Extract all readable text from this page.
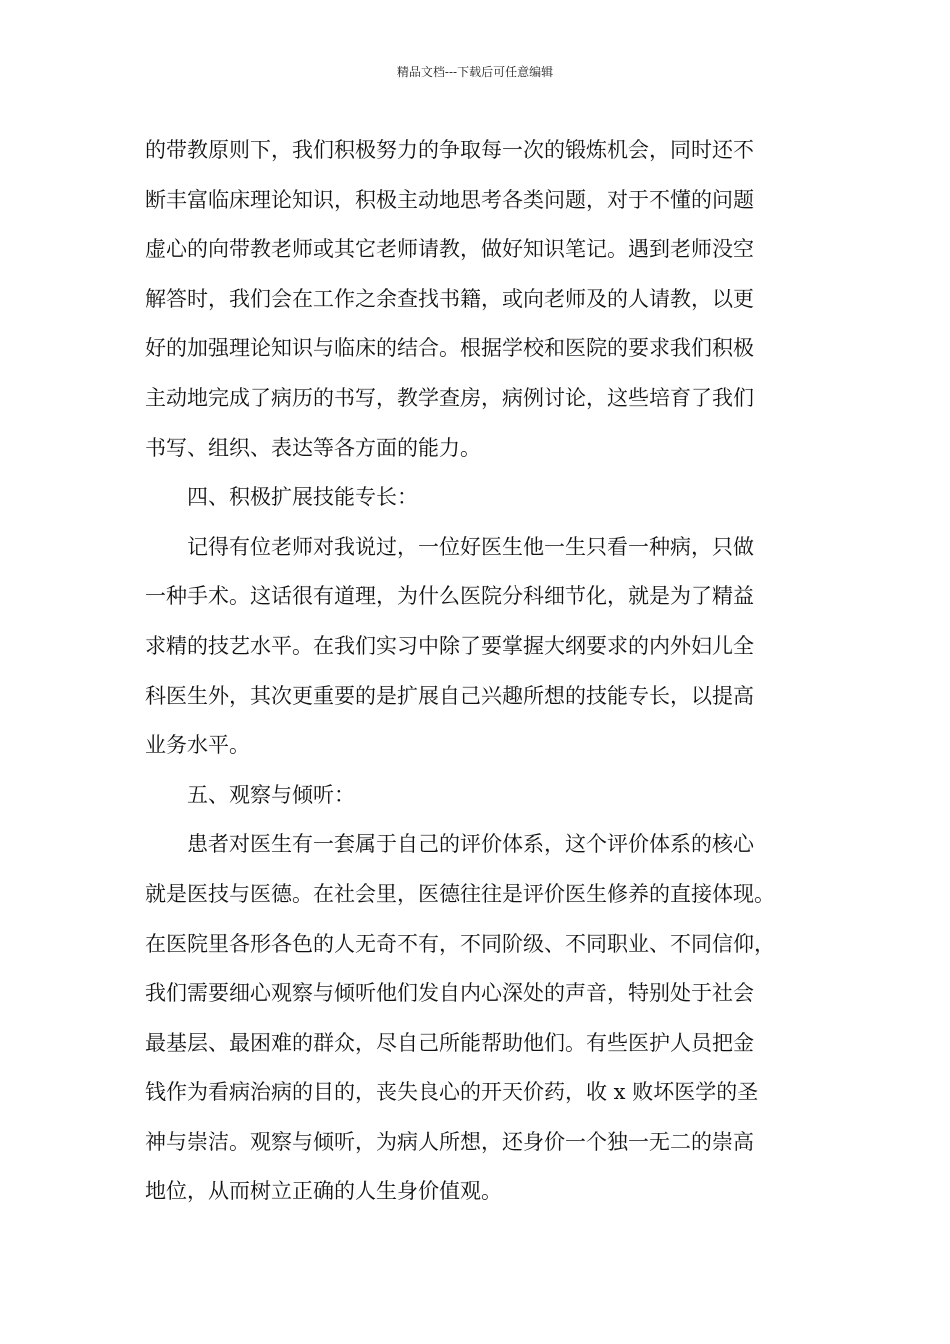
精品文档---下载后可任意编辑
的带教原则下，我们积极努力的争取每一次的锻炼机会，同时还不
断丰富临床理论知识，积极主动地思考各类问题，对于不懂的问题
虚心的向带教老师或其它老师请教，做好知识笔记。遇到老师没空
解答时，我们会在工作之余查找书籍，或向老师及的人请教，以更
好的加强理论知识与临床的结合。根据学校和医院的要求我们积极
主动地完成了病历的书写，教学查房，病例讨论，这些培育了我们
书写、组织、表达等各方面的能力。
四、积极扩展技能专长：
记得有位老师对我说过，一位好医生他一生只看一种病，只做
一种手术。这话很有道理，为什么医院分科细节化，就是为了精益
求精的技艺水平。在我们实习中除了要掌握大纲要求的内外妇儿全
科医生外，其次更重要的是扩展自己兴趣所想的技能专长，以提高
业务水平。
五、观察与倾听：
患者对医生有一套属于自己的评价体系，这个评价体系的核心
就是医技与医德。在社会里，医德往往是评价医生修养的直接体现。
在医院里各形各色的人无奇不有，不同阶级、不同职业、不同信仰，
我们需要细心观察与倾听他们发自内心深处的声音，特别处于社会
最基层、最困难的群众，尽自己所能帮助他们。有些医护人员把金
钱作为看病治病的目的，丧失良心的开天价药，收 x 败坏医学的圣
神与崇洁。观察与倾听，为病人所想，还身价一个独一无二的崇高
地位，从而树立正确的人生身价值观。
